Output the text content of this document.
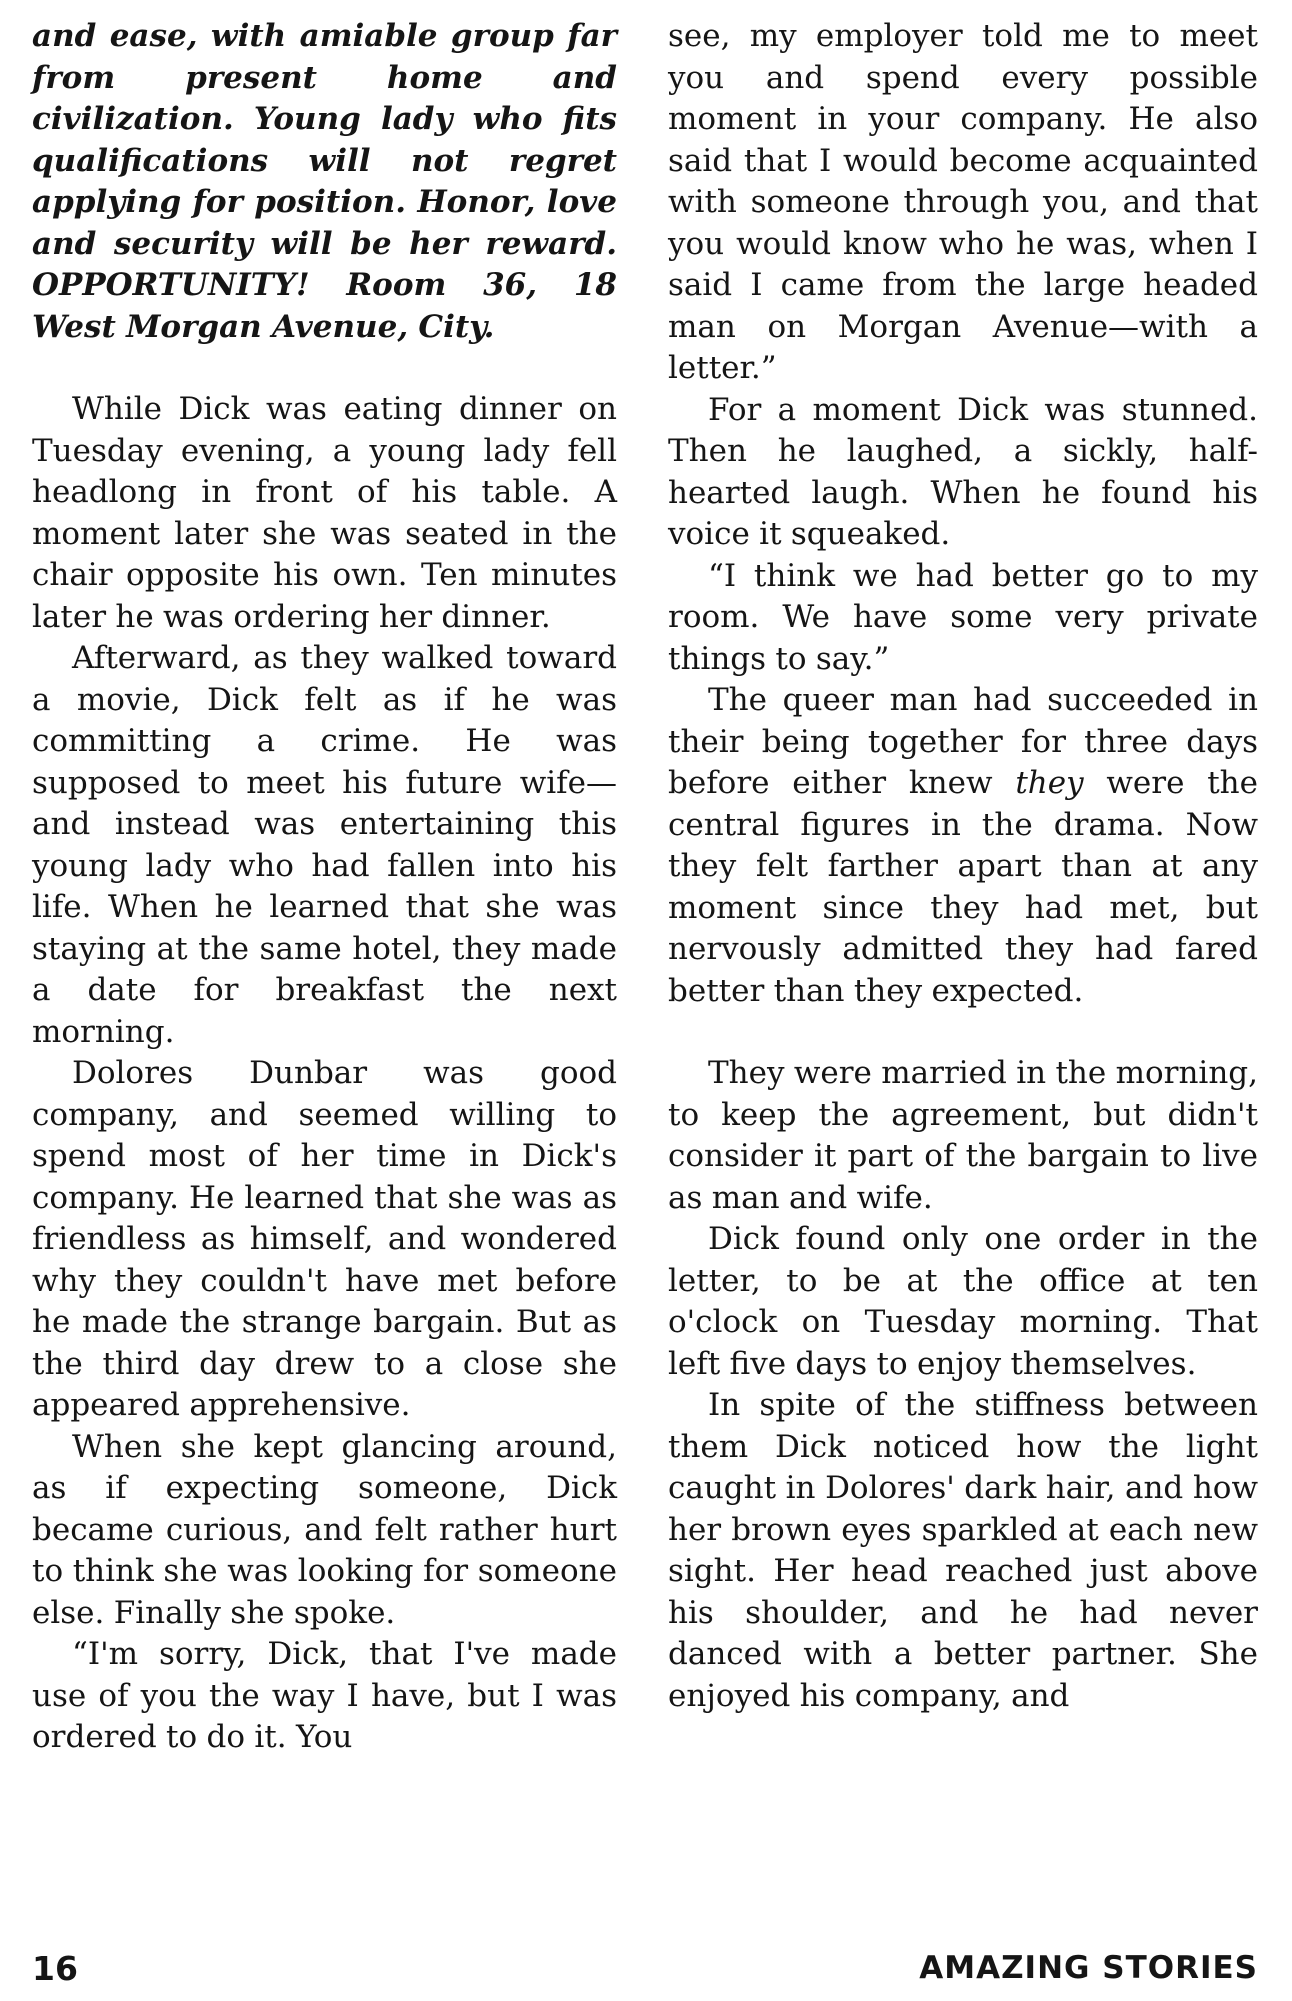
and ease, with amiable group far from present home and civilization. Young lady who fits qualifications will not regret applying for position. Honor, love and security will be her reward. OPPORTUNITY! Room 36, 18 West Morgan Avenue, City.

While Dick was eating dinner on Tuesday evening, a young lady fell headlong in front of his table. A moment later she was seated in the chair opposite his own. Ten minutes later he was ordering her dinner.

Afterward, as they walked toward a movie, Dick felt as if he was committing a crime. He was supposed to meet his future wife—and instead was entertaining this young lady who had fallen into his life. When he learned that she was staying at the same hotel, they made a date for breakfast the next morning.

Dolores Dunbar was good company, and seemed willing to spend most of her time in Dick's company. He learned that she was as friendless as himself, and wondered why they couldn't have met before he made the strange bargain. But as the third day drew to a close she appeared apprehensive.

When she kept glancing around, as if expecting someone, Dick became curious, and felt rather hurt to think she was looking for someone else. Finally she spoke.

“I'm sorry, Dick, that I've made use of you the way I have, but I was ordered to do it. You

see, my employer told me to meet you and spend every possible moment in your company. He also said that I would become acquainted with someone through you, and that you would know who he was, when I said I came from the large headed man on Morgan Avenue—with a letter.”

For a moment Dick was stunned. Then he laughed, a sickly, half-hearted laugh. When he found his voice it squeaked.

“I think we had better go to my room. We have some very private things to say.”

The queer man had succeeded in their being together for three days before either knew they were the central figures in the drama. Now they felt farther apart than at any moment since they had met, but nervously admitted they had fared better than they expected.

They were married in the morning, to keep the agreement, but didn't consider it part of the bargain to live as man and wife.

Dick found only one order in the letter, to be at the office at ten o'clock on Tuesday morning. That left five days to enjoy themselves.

In spite of the stiffness between them Dick noticed how the light caught in Dolores' dark hair, and how her brown eyes sparkled at each new sight. Her head reached just above his shoulder, and he had never danced with a better partner. She enjoyed his company, and

16	AMAZING STORIES
